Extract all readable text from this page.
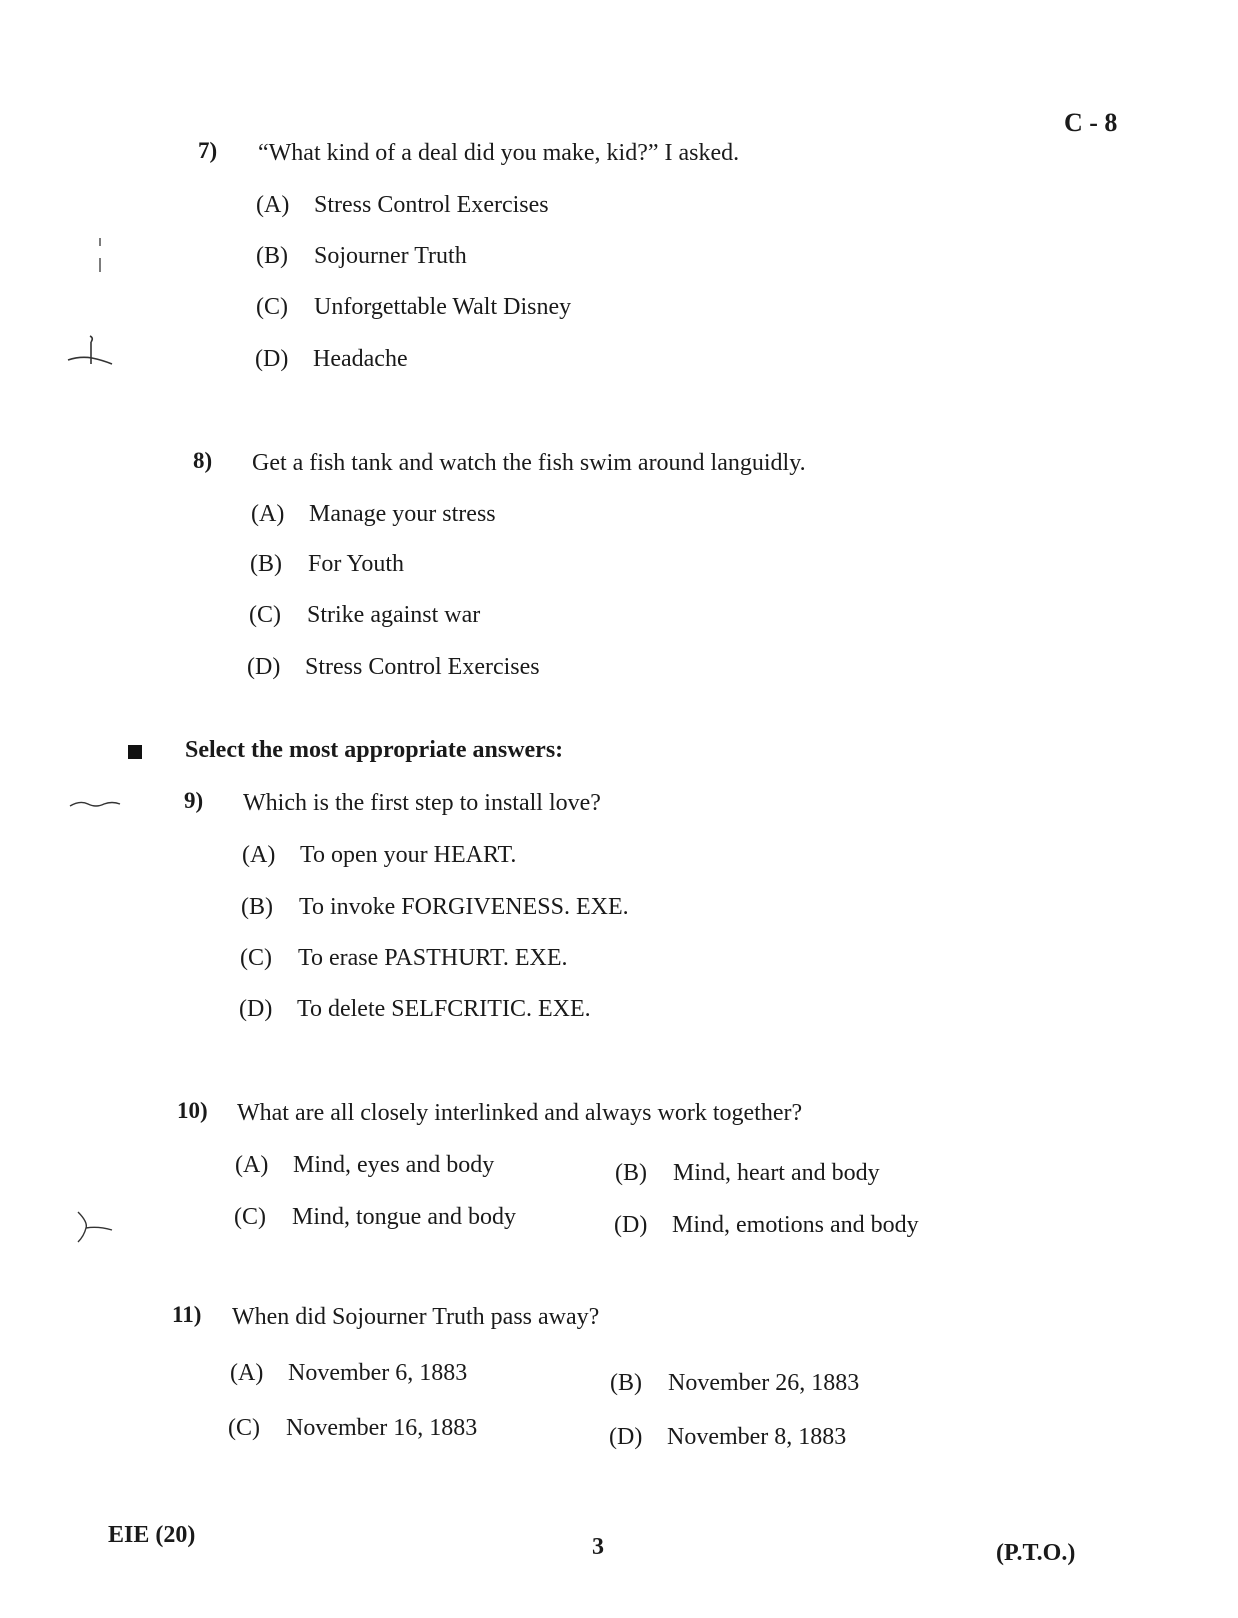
C - 8
7) “What kind of a deal did you make, kid?” I asked.
(A) Stress Control Exercises
(B) Sojourner Truth
(C) Unforgettable Walt Disney
(D) Headache
8) Get a fish tank and watch the fish swim around languidly.
(A) Manage your stress
(B) For Youth
(C) Strike against war
(D) Stress Control Exercises
Select the most appropriate answers:
9) Which is the first step to install love?
(A) To open your HEART.
(B) To invoke FORGIVENESS. EXE.
(C) To erase PASTHURT. EXE.
(D) To delete SELFCRITIC. EXE.
10) What are all closely interlinked and always work together?
(A) Mind, eyes and body	(B) Mind, heart and body
(C) Mind, tongue and body	(D) Mind, emotions and body
11) When did Sojourner Truth pass away?
(A) November 6, 1883	(B) November 26, 1883
(C) November 16, 1883	(D) November 8, 1883
EIE (20)	3	(P.T.O.)
